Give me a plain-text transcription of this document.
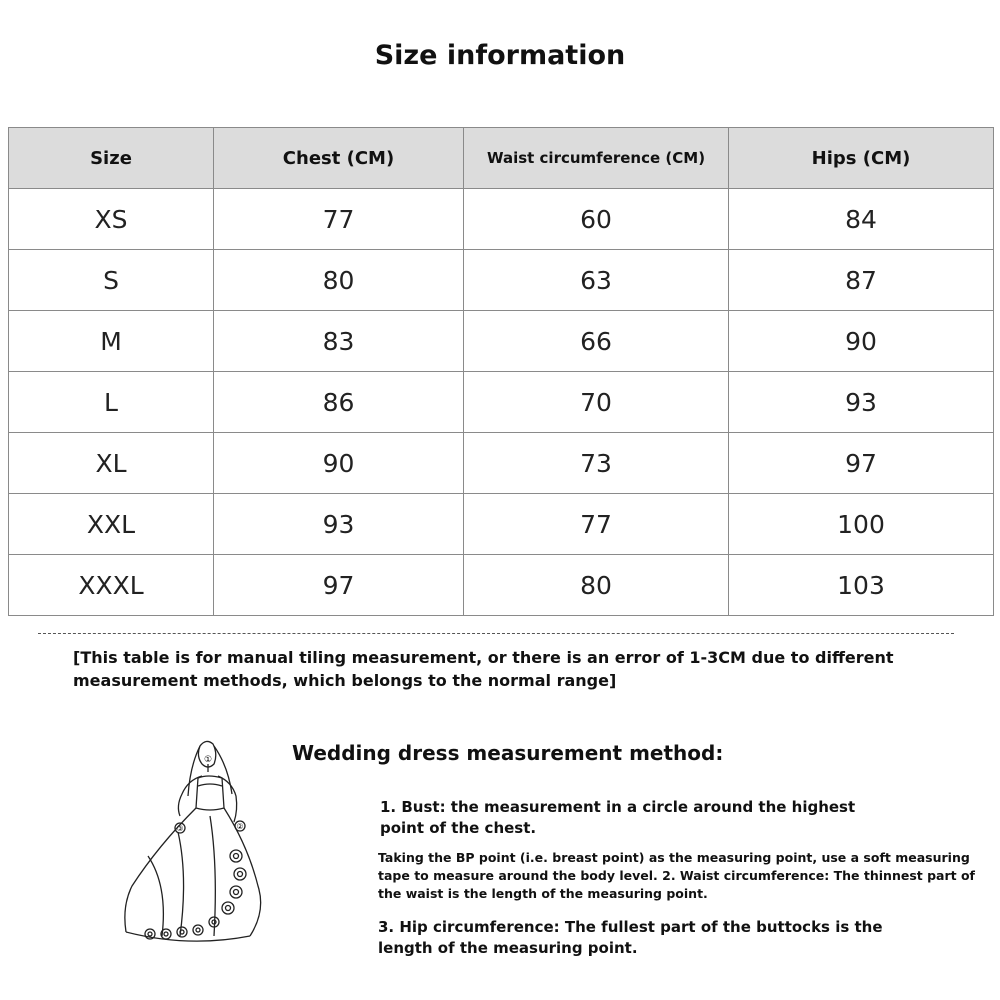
Size information
Size	Chest (CM)	Waist circumference (CM)	Hips (CM)
XS	77	60	84
S	80	63	87
M	83	66	90
L	86	70	93
XL	90	73	97
XXL	93	77	100
XXXL	97	80	103
[This table is for manual tiling measurement, or there is an error of 1-3CM due to different measurement methods, which belongs to the normal range]
①
③	②
Wedding dress measurement method:
1. Bust: the measurement in a circle around the highest point of the chest.
Taking the BP point (i.e. breast point) as the measuring point, use a soft measuring tape to measure around the body level. 2. Waist circumference: The thinnest part of the waist is the length of the measuring point.
3. Hip circumference: The fullest part of the buttocks is the length of the measuring point.
